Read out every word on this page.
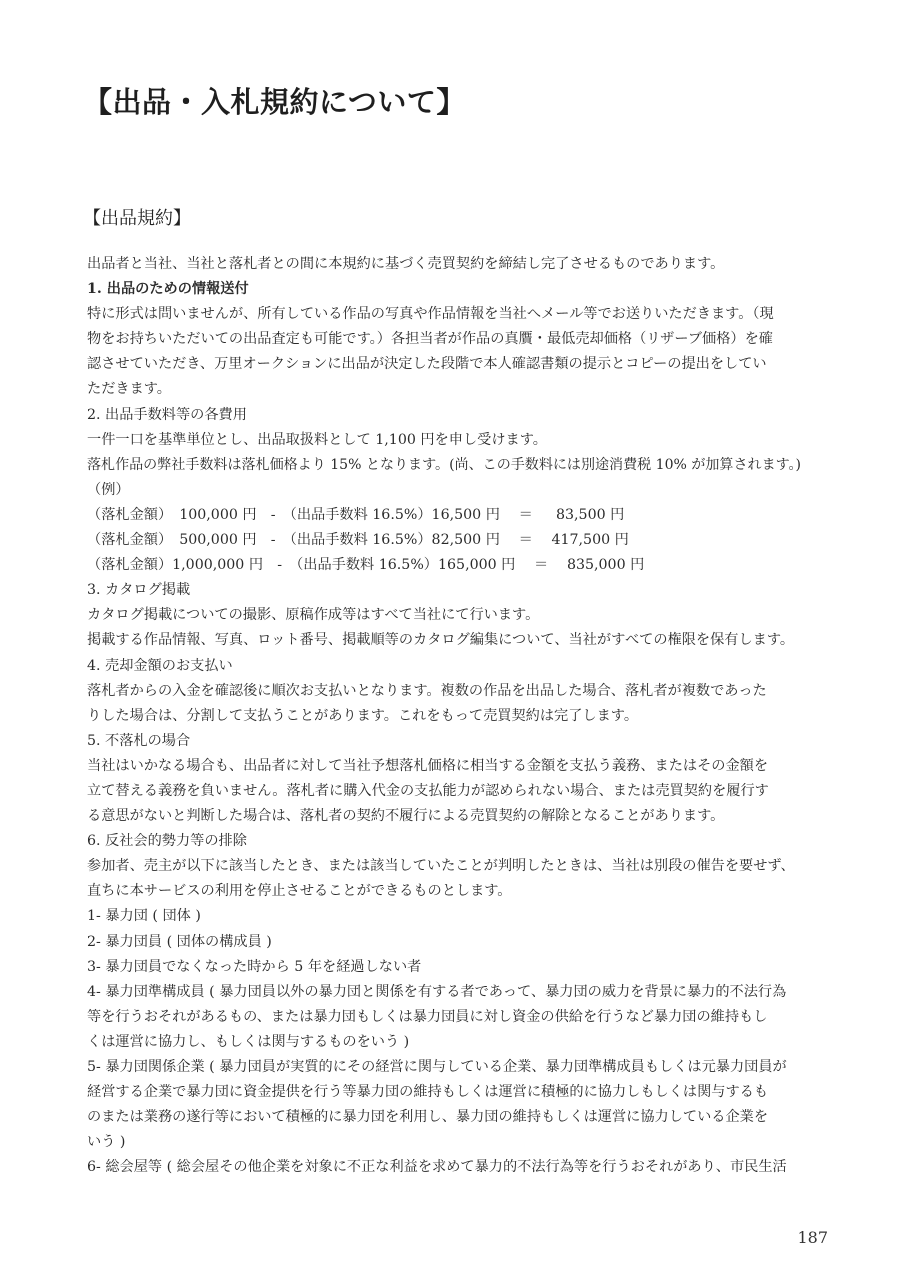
【出品・入札規約について】
【出品規約】
出品者と当社、当社と落札者との間に本規約に基づく売買契約を締結し完了させるものであります。
1. 出品のための情報送付
特に形式は問いませんが、所有している作品の写真や作品情報を当社へメール等でお送りいただきます。（現
物をお持ちいただいての出品査定も可能です。）各担当者が作品の真贋・最低売却価格（リザーブ価格）を確
認させていただき、万里オークションに出品が決定した段階で本人確認書類の提示とコピーの提出をしてい
ただきます。
2. 出品手数料等の各費用
一件一口を基準単位とし、出品取扱料として 1,100 円を申し受けます。
落札作品の弊社手数料は落札価格より 15% となります。(尚、この手数料には別途消費税 10% が加算されます。)
（例）
（落札金額）　100,000 円　-　（出品手数料 16.5%）16,500 円　 ＝ 　 83,500 円
（落札金額）　500,000 円　-　（出品手数料 16.5%）82,500 円　 ＝ 　417,500 円
（落札金額）1,000,000 円　-　（出品手数料 16.5%）165,000 円　 ＝ 　835,000 円
3. カタログ掲載
カタログ掲載についての撮影、原稿作成等はすべて当社にて行います。
掲載する作品情報、写真、ロット番号、掲載順等のカタログ編集について、当社がすべての権限を保有します。
4. 売却金額のお支払い
落札者からの入金を確認後に順次お支払いとなります。複数の作品を出品した場合、落札者が複数であった
りした場合は、分割して支払うことがあります。これをもって売買契約は完了します。
5. 不落札の場合
当社はいかなる場合も、出品者に対して当社予想落札価格に相当する金額を支払う義務、またはその金額を
立て替える義務を負いません。落札者に購入代金の支払能力が認められない場合、または売買契約を履行す
る意思がないと判断した場合は、落札者の契約不履行による売買契約の解除となることがあります。
6. 反社会的勢力等の排除
参加者、売主が以下に該当したとき、または該当していたことが判明したときは、当社は別段の催告を要せず、
直ちに本サービスの利用を停止させることができるものとします。
1- 暴力団 ( 団体 )
2- 暴力団員 ( 団体の構成員 )
3- 暴力団員でなくなった時から 5 年を経過しない者
4- 暴力団準構成員 ( 暴力団員以外の暴力団と関係を有する者であって、暴力団の威力を背景に暴力的不法行為
等を行うおそれがあるもの、または暴力団もしくは暴力団員に対し資金の供給を行うなど暴力団の維持もし
くは運営に協力し、もしくは関与するものをいう )
5- 暴力団関係企業 ( 暴力団員が実質的にその経営に関与している企業、暴力団準構成員もしくは元暴力団員が
経営する企業で暴力団に資金提供を行う等暴力団の維持もしくは運営に積極的に協力しもしくは関与するも
のまたは業務の遂行等において積極的に暴力団を利用し、暴力団の維持もしくは運営に協力している企業を
いう )
6- 総会屋等 ( 総会屋その他企業を対象に不正な利益を求めて暴力的不法行為等を行うおそれがあり、市民生活
187
